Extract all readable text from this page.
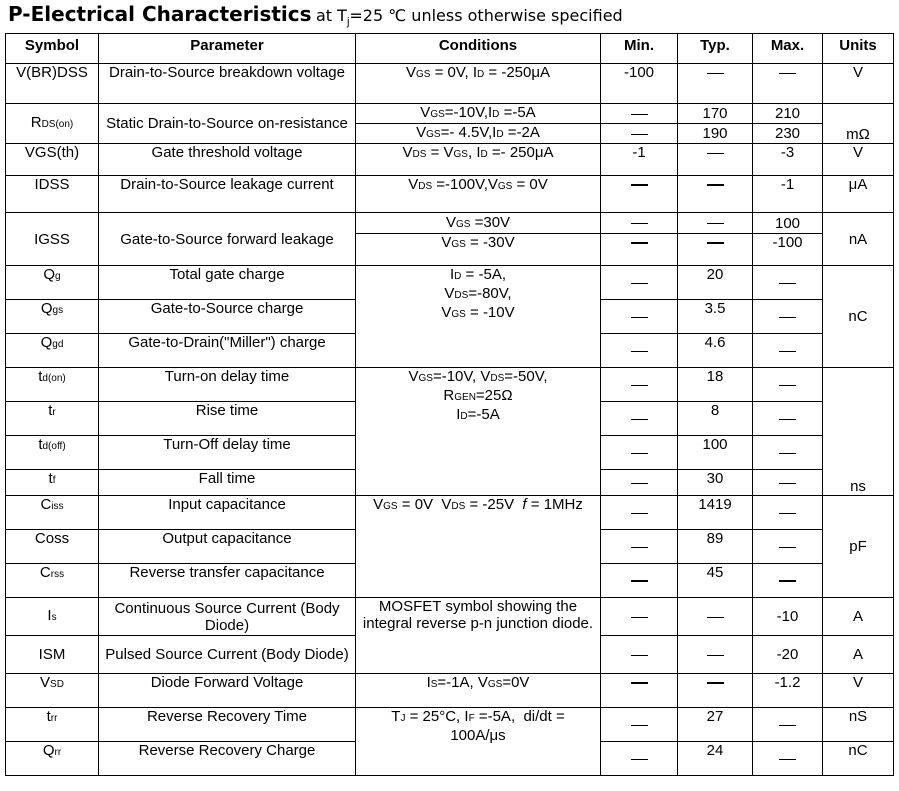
P-Electrical Characteristics at $T_j=25$ ℃ unless otherwise specified
Symbol	Parameter	Conditions	Min.	Typ.	Max.	Units
V(BR)DSS	Drain-to-Source breakdown voltage	VGS = 0V, ID = -250μA	-100			V
RDS(on)	Static Drain-to-Source on-resistance	VGS=-10V,ID =-5A		170	210	mΩ
		VGS=- 4.5V,ID =-2A		190	230	
VGS(th)	Gate threshold voltage	VDS = VGS, ID =- 250μA	-1		-3	V
IDSS	Drain-to-Source leakage current	VDS =-100V,VGS = 0V			-1	μA
IGSS	Gate-to-Source forward leakage	VGS =30V			100	nA
		VGS = -30V			-100	
Qg	Total gate charge	ID = -5A,
VDS=-80V,
VGS = -10V		20		nC
Qgs	Gate-to-Source charge			3.5		
Qgd	Gate-to-Drain("Miller") charge			4.6		
td(on)	Turn-on delay time	VGS=-10V, VDS=-50V,
RGEN=25Ω
ID=-5A		18		ns
tr	Rise time			8		
td(off)	Turn-Off delay time			100		
tf	Fall time			30		
Ciss	Input capacitance	VGS = 0V  VDS = -25V  f = 1MHz		1419		pF
Coss	Output capacitance			89		
Crss	Reverse transfer capacitance			45		
Is	Continuous Source Current (Body Diode)	MOSFET symbol showing the integral reverse p-n junction diode.			-10	A
ISM	Pulsed Source Current (Body Diode)				-20	A
VSD	Diode Forward Voltage	IS=-1A, VGS=0V			-1.2	V
trr	Reverse Recovery Time	TJ = 25°C, IF =-5A,  di/dt =
100A/μs		27		nS
Qrr	Reverse Recovery Charge			24		nC
